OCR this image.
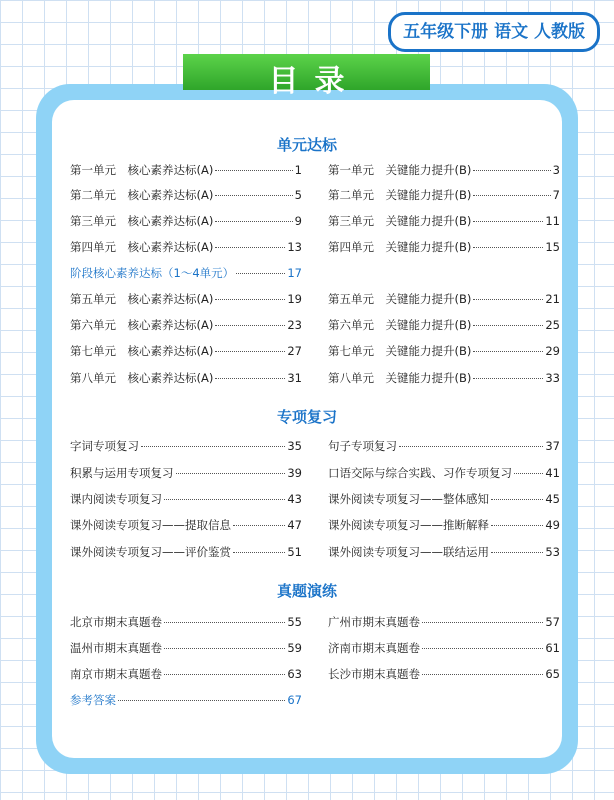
五年级下册 语文 人教版
目录
单元达标
第一单元　核心素养达标(A)	1 第一单元　关键能力提升(B)	3
第二单元　核心素养达标(A)	5 第二单元　关键能力提升(B)	7
第三单元　核心素养达标(A)	9 第三单元　关键能力提升(B)	11
第四单元　核心素养达标(A)	13 第四单元　关键能力提升(B)	15
阶段核心素养达标（1～4单元）	17
第五单元　核心素养达标(A)	19 第五单元　关键能力提升(B)	21
第六单元　核心素养达标(A)	23 第六单元　关键能力提升(B)	25
第七单元　核心素养达标(A)	27 第七单元　关键能力提升(B)	29
第八单元　核心素养达标(A)	31 第八单元　关键能力提升(B)	33
专项复习
字词专项复习	35 句子专项复习	37
积累与运用专项复习	39 口语交际与综合实践、习作专项复习	41
课内阅读专项复习	43 课外阅读专项复习——整体感知	45
课外阅读专项复习——提取信息	47 课外阅读专项复习——推断解释	49
课外阅读专项复习——评价鉴赏	51 课外阅读专项复习——联结运用	53
真题演练
北京市期末真题卷	55 广州市期末真题卷	57
温州市期末真题卷	59 济南市期末真题卷	61
南京市期末真题卷	63 长沙市期末真题卷	65
参考答案	67
